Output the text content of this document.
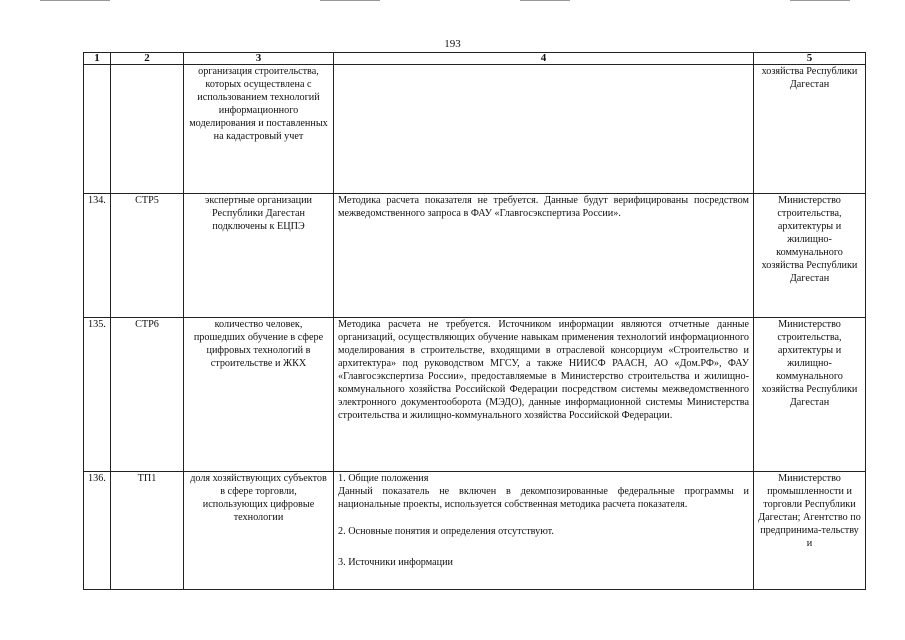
193
1	2	3	4	5
		организация строительства, которых осуществлена с использованием технологий информационного моделирования и поставленных на кадастровый учет		хозяйства Республики Дагестан
134.	СТР5	экспертные организации Республики Дагестан подключены к ЕЦПЭ	Методика расчета показателя не требуется. Данные будут верифицированы посредством межведомственного запроса в ФАУ «Главгосэкспертиза России».	Министерство строительства, архитектуры и жилищно-коммунального хозяйства Республики Дагестан
135.	СТР6	количество человек, прошедших обучение в сфере цифровых технологий в строительстве и ЖКХ	Методика расчета не требуется. Источником информации являются отчетные данные организаций, осуществляющих обучение навыкам применения технологий информационного моделирования в строительстве, входящими в отраслевой консорциум «Строительство и архитектура» под руководством МГСУ, а также НИИСФ РААСН, АО «Дом.РФ», ФАУ «Главгосэкспертиза России», предоставляемые в Министерство строительства и жилищно-коммунального хозяйства Российской Федерации посредством системы межведомственного электронного документооборота (МЭДО), данные информационной системы Министерства строительства и жилищно-коммунального хозяйства Российской Федерации.	Министерство строительства, архитектуры и жилищно-коммунального хозяйства Республики Дагестан
136.	ТП1	доля хозяйствующих субъектов в сфере торговли, использующих цифровые технологии	1. Общие положения

Данный показатель не включен в декомпозированные федеральные программы и национальные проекты, используется собственная методика расчета показателя.

2. Основные понятия и определения отсутствуют.

3. Источники информации	Министерство промышленности и торговли Республики Дагестан; Агентство по предпринима-тельству и
